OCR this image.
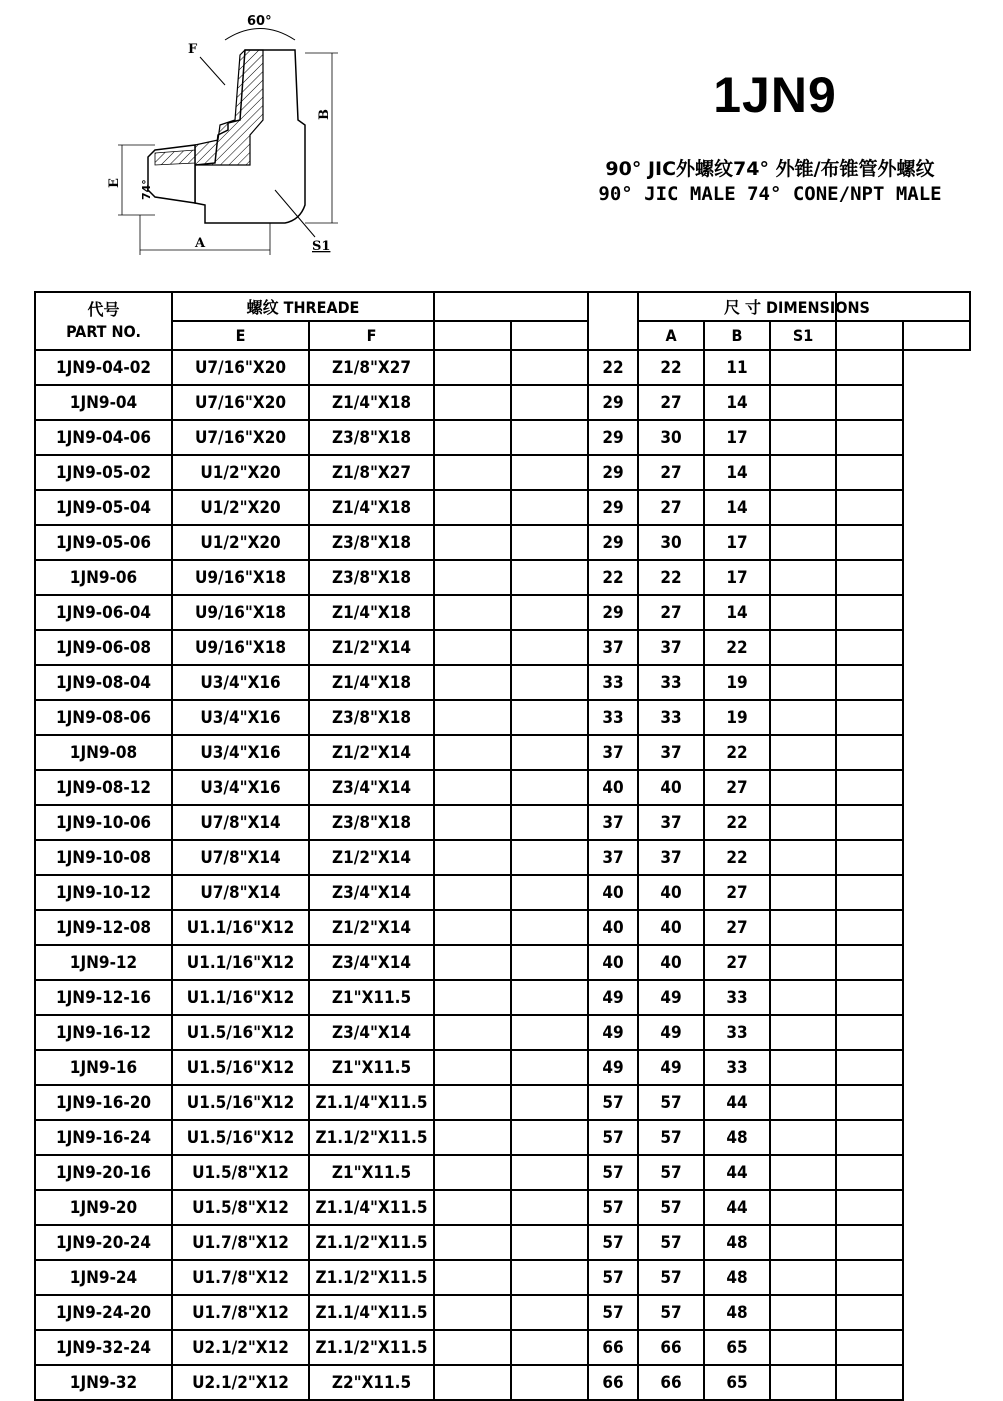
60°
74°
F
B
E
A	S1
1JN9
90° JIC外螺纹74° 外锥/布锥管外螺纹
90° JIC MALE 74° CONE/NPT MALE
代号
PART NO.	螺纹 THREADE					尺 寸 DIMENSIONS				
	E	F				A	B	S1		
1JN9-04-02	U7/16"X20	Z1/8"X27			22	22	11			
1JN9-04	U7/16"X20	Z1/4"X18			29	27	14			
1JN9-04-06	U7/16"X20	Z3/8"X18			29	30	17			
1JN9-05-02	U1/2"X20	Z1/8"X27			29	27	14			
1JN9-05-04	U1/2"X20	Z1/4"X18			29	27	14			
1JN9-05-06	U1/2"X20	Z3/8"X18			29	30	17			
1JN9-06	U9/16"X18	Z3/8"X18			22	22	17			
1JN9-06-04	U9/16"X18	Z1/4"X18			29	27	14			
1JN9-06-08	U9/16"X18	Z1/2"X14			37	37	22			
1JN9-08-04	U3/4"X16	Z1/4"X18			33	33	19			
1JN9-08-06	U3/4"X16	Z3/8"X18			33	33	19			
1JN9-08	U3/4"X16	Z1/2"X14			37	37	22			
1JN9-08-12	U3/4"X16	Z3/4"X14			40	40	27			
1JN9-10-06	U7/8"X14	Z3/8"X18			37	37	22			
1JN9-10-08	U7/8"X14	Z1/2"X14			37	37	22			
1JN9-10-12	U7/8"X14	Z3/4"X14			40	40	27			
1JN9-12-08	U1.1/16"X12	Z1/2"X14			40	40	27			
1JN9-12	U1.1/16"X12	Z3/4"X14			40	40	27			
1JN9-12-16	U1.1/16"X12	Z1"X11.5			49	49	33			
1JN9-16-12	U1.5/16"X12	Z3/4"X14			49	49	33			
1JN9-16	U1.5/16"X12	Z1"X11.5			49	49	33			
1JN9-16-20	U1.5/16"X12	Z1.1/4"X11.5			57	57	44			
1JN9-16-24	U1.5/16"X12	Z1.1/2"X11.5			57	57	48			
1JN9-20-16	U1.5/8"X12	Z1"X11.5			57	57	44			
1JN9-20	U1.5/8"X12	Z1.1/4"X11.5			57	57	44			
1JN9-20-24	U1.7/8"X12	Z1.1/2"X11.5			57	57	48			
1JN9-24	U1.7/8"X12	Z1.1/2"X11.5			57	57	48			
1JN9-24-20	U1.7/8"X12	Z1.1/4"X11.5			57	57	48			
1JN9-32-24	U2.1/2"X12	Z1.1/2"X11.5			66	66	65			
1JN9-32	U2.1/2"X12	Z2"X11.5			66	66	65			
